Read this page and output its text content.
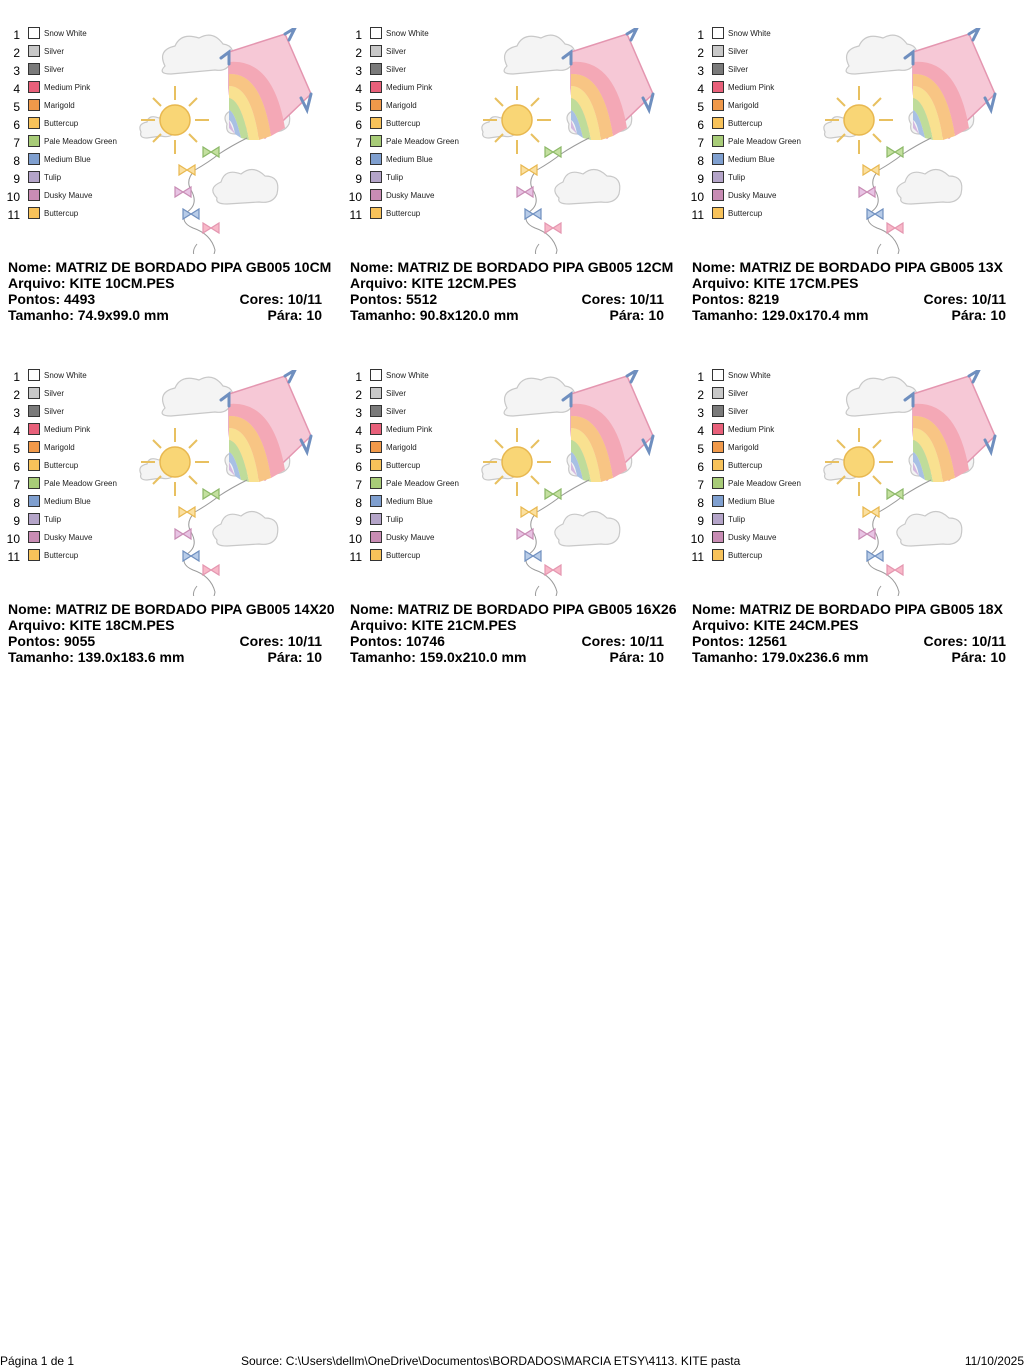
1	Snow White
2	Silver
3	Silver
4	Medium Pink
5	Marigold
6	Buttercup
7	Pale Meadow Green
8	Medium Blue
9	Tulip
10	Dusky Mauve
11	Buttercup
Nome: MATRIZ DE BORDADO PIPA GB005 10CM
Arquivo: KITE 10CM.PES
Pontos: 4493	Cores: 10/11
Tamanho: 74.9x99.0 mm	Pára: 10
1	Snow White
2	Silver
3	Silver
4	Medium Pink
5	Marigold
6	Buttercup
7	Pale Meadow Green
8	Medium Blue
9	Tulip
10	Dusky Mauve
11	Buttercup
Nome: MATRIZ DE BORDADO PIPA GB005 12CM
Arquivo: KITE 12CM.PES
Pontos: 5512	Cores: 10/11
Tamanho: 90.8x120.0 mm	Pára: 10
1	Snow White
2	Silver
3	Silver
4	Medium Pink
5	Marigold
6	Buttercup
7	Pale Meadow Green
8	Medium Blue
9	Tulip
10	Dusky Mauve
11	Buttercup
Nome: MATRIZ DE BORDADO PIPA GB005 13X
Arquivo: KITE 17CM.PES
Pontos: 8219	Cores: 10/11
Tamanho: 129.0x170.4 mm	Pára: 10
1	Snow White
2	Silver
3	Silver
4	Medium Pink
5	Marigold
6	Buttercup
7	Pale Meadow Green
8	Medium Blue
9	Tulip
10	Dusky Mauve
11	Buttercup
Nome: MATRIZ DE BORDADO PIPA GB005 14X20
Arquivo: KITE 18CM.PES
Pontos: 9055	Cores: 10/11
Tamanho: 139.0x183.6 mm	Pára: 10
1	Snow White
2	Silver
3	Silver
4	Medium Pink
5	Marigold
6	Buttercup
7	Pale Meadow Green
8	Medium Blue
9	Tulip
10	Dusky Mauve
11	Buttercup
Nome: MATRIZ DE BORDADO PIPA GB005 16X26
Arquivo: KITE 21CM.PES
Pontos: 10746	Cores: 10/11
Tamanho: 159.0x210.0 mm	Pára: 10
1	Snow White
2	Silver
3	Silver
4	Medium Pink
5	Marigold
6	Buttercup
7	Pale Meadow Green
8	Medium Blue
9	Tulip
10	Dusky Mauve
11	Buttercup
Nome: MATRIZ DE BORDADO PIPA GB005 18X
Arquivo: KITE 24CM.PES
Pontos: 12561	Cores: 10/11
Tamanho: 179.0x236.6 mm	Pára: 10
Página 1 de 1	Source: C:\Users\dellm\OneDrive\Documentos\BORDADOS\MARCIA ETSY\4113. KITE pasta	11/10/2025
